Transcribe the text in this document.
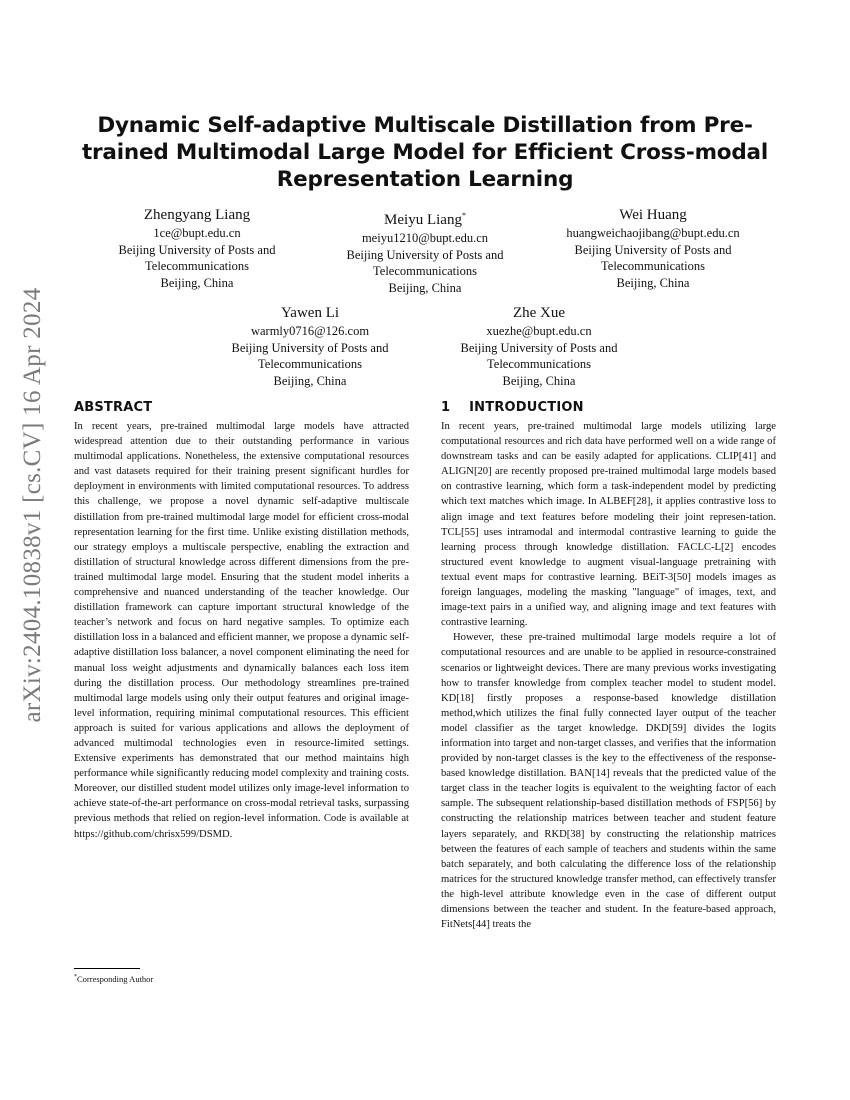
Dynamic Self-adaptive Multiscale Distillation from Pre-trained Multimodal Large Model for Efficient Cross-modal Representation Learning
Zhengyang Liang
1ce@bupt.edu.cn
Beijing University of Posts and
Telecommunications
Beijing, China
Meiyu Liang*
meiyu1210@bupt.edu.cn
Beijing University of Posts and
Telecommunications
Beijing, China
Wei Huang
huangweichaojibang@bupt.edu.cn
Beijing University of Posts and
Telecommunications
Beijing, China
Yawen Li
warmly0716@126.com
Beijing University of Posts and
Telecommunications
Beijing, China
Zhe Xue
xuezhe@bupt.edu.cn
Beijing University of Posts and
Telecommunications
Beijing, China
arXiv:2404.10838v1 [cs.CV] 16 Apr 2024 ABSTRACT

In recent years, pre-trained multimodal large models have attracted widespread attention due to their outstanding performance in various multimodal applications. Nonetheless, the extensive computational resources and vast datasets required for their training present significant hurdles for deployment in environments with limited computational resources. To address this challenge, we propose a novel dynamic self-adaptive multiscale distillation from pre-trained multimodal large model for efficient cross-modal representation learning for the first time. Unlike existing distillation methods, our strategy employs a multiscale perspective, enabling the extraction and distillation of structural knowledge across different dimensions from the pre-trained multimodal large model. Ensuring that the student model inherits a comprehensive and nuanced understanding of the teacher knowledge. Our distillation framework can capture important structural knowledge of the teacher’s network and focus on hard negative samples. To optimize each distillation loss in a balanced and efficient manner, we propose a dynamic self-adaptive distillation loss balancer, a novel component eliminating the need for manual loss weight adjustments and dynamically balances each loss item during the distillation process. Our methodology streamlines pre-trained multimodal large models using only their output features and original image-level information, requiring minimal computational resources. This efficient approach is suited for various applications and allows the deployment of advanced multimodal technologies even in resource-limited settings. Extensive experiments has demonstrated that our method maintains high performance while significantly reducing model complexity and training costs. Moreover, our distilled student model utilizes only image-level information to achieve state-of-the-art performance on cross-modal retrieval tasks, surpassing previous methods that relied on region-level information. Code is available at https://github.com/chrisx599/DSMD.

1    INTRODUCTION

In recent years, pre-trained multimodal large models utilizing large computational resources and rich data have performed well on a wide range of downstream tasks and can be easily adapted for applications. CLIP[41] and ALIGN[20] are recently proposed pre-trained multimodal large models based on contrastive learning, which form a task-independent model by predicting which text matches which image. In ALBEF[28], it applies contrastive loss to align image and text features before modeling their joint represen-tation. TCL[55] uses intramodal and intermodal contrastive learning to guide the learning process through knowledge distillation. FACLC-L[2] encodes structured event knowledge to augment visual-language pretraining with textual event maps for contrastive learning. BEiT-3[50] models images as foreign languages, modeling the masking "language" of images, text, and image-text pairs in a unified way, and aligning image and text features with contrastive learning.

However, these pre-trained multimodal large models require a lot of computational resources and are unable to be applied in resource-constrained scenarios or lightweight devices. There are many previous works investigating how to transfer knowledge from complex teacher model to student model. KD[18] firstly proposes a response-based knowledge distillation method,which utilizes the final fully connected layer output of the teacher model classifier as the target knowledge. DKD[59] divides the logits information into target and non-target classes, and verifies that the information provided by non-target classes is the key to the effectiveness of the response-based knowledge distillation. BAN[14] reveals that the predicted value of the target class in the teacher logits is equivalent to the weighting factor of each sample. The subsequent relationship-based distillation methods of FSP[56] by constructing the relationship matrices between teacher and student feature layers separately, and RKD[38] by constructing the relationship matrices between the features of each sample of teachers and students within the same batch separately, and both calculating the difference loss of the relationship matrices for the structured knowledge transfer method, can effectively transfer the high-level attribute knowledge even in the case of different output dimensions between the teacher and student. In the feature-based approach, FitNets[44] treats the

*Corresponding Author
